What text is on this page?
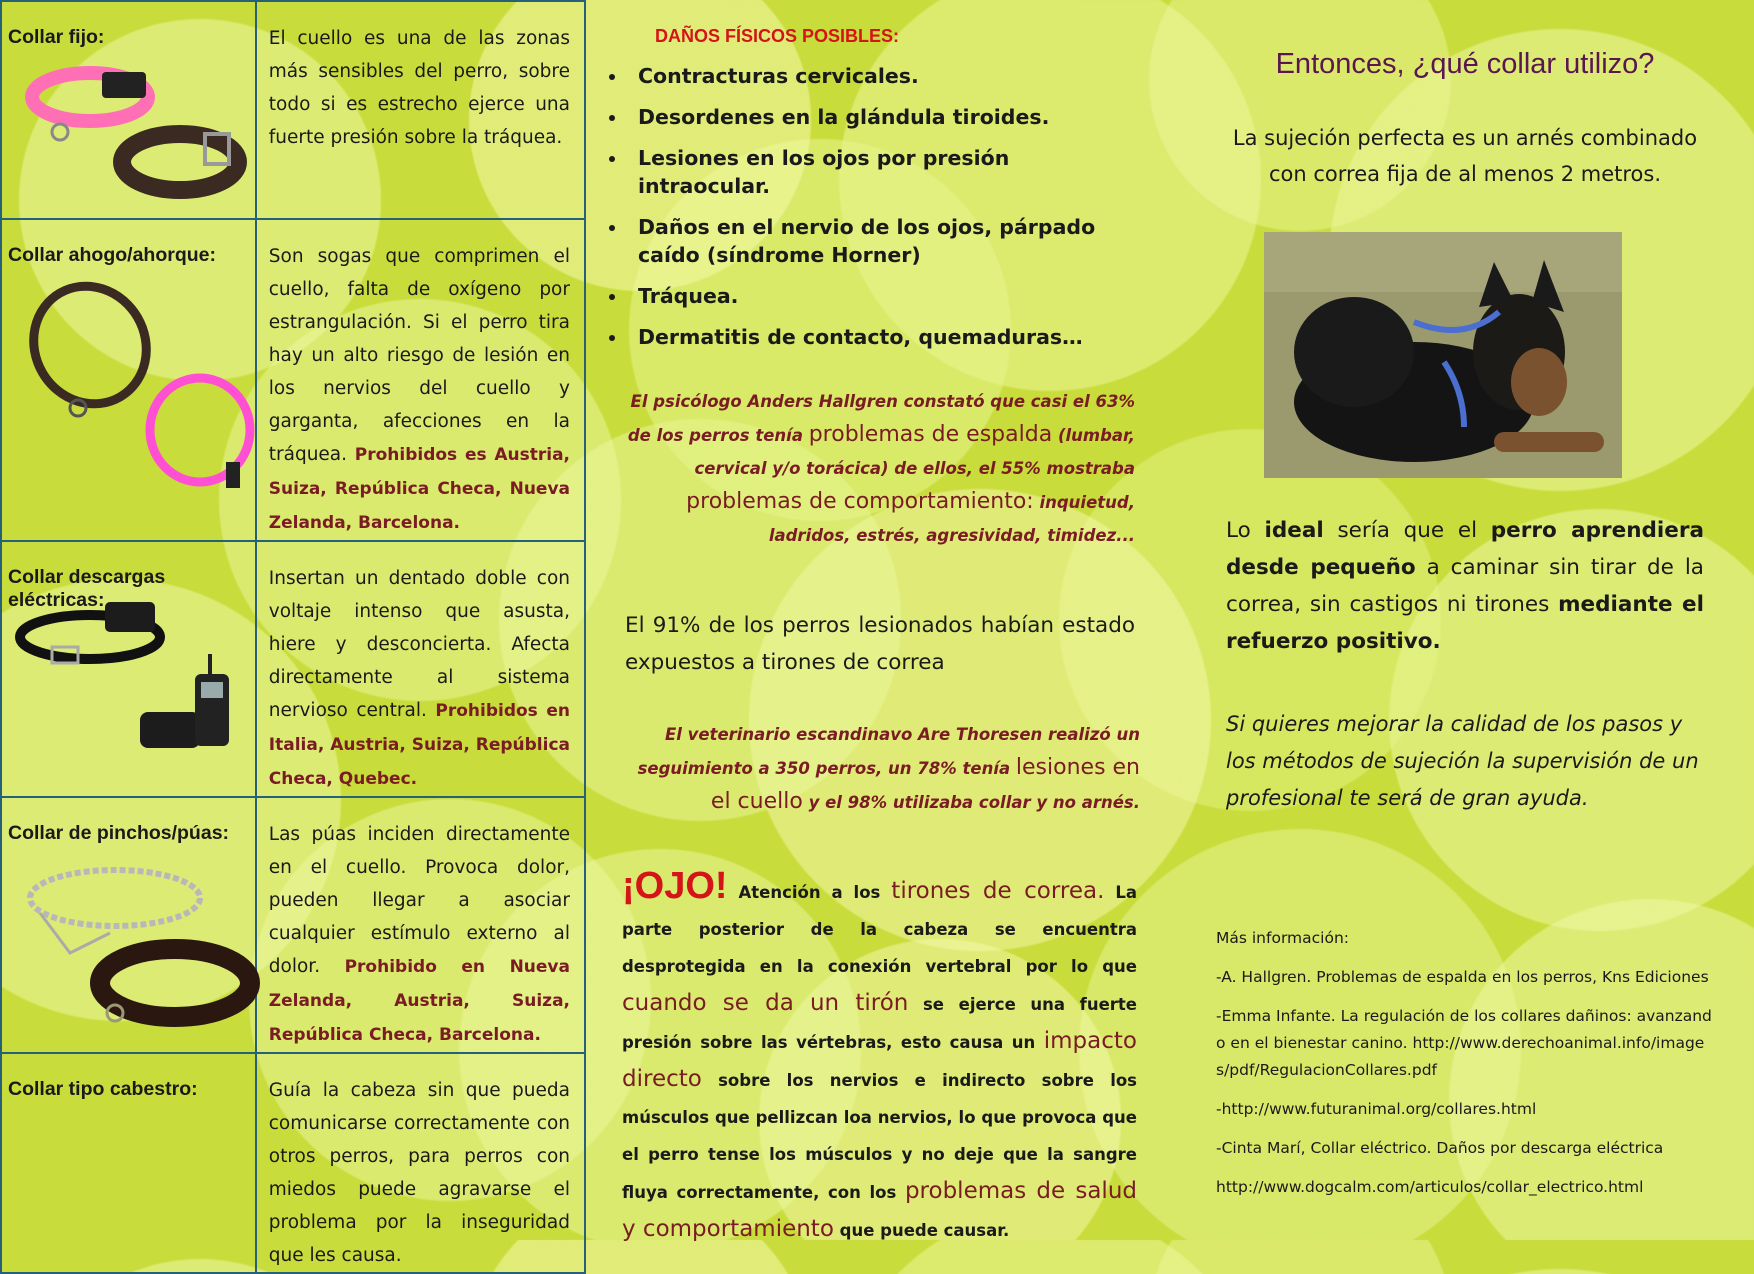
Collar fijo:	El cuello es una de las zonas más sensibles del perro, sobre todo si es estrecho ejerce una fuerte presión sobre la tráquea.

Collar ahogo/ahorque:	Son sogas que comprimen el cuello, falta de oxígeno por estrangulación. Si el perro tira hay un alto riesgo de lesión en los nervios del cuello y garganta, afecciones en la tráquea. Prohibidos es Austria, Suiza, República Checa, Nueva Zelanda, Barcelona.

Collar descargas eléctricas:	Insertan un dentado doble con voltaje intenso que asusta, hiere y desconcierta. Afecta directamente al sistema nervioso central. Prohibidos en Italia, Austria, Suiza, República Checa, Quebec.

Collar de pinchos/púas:	Las púas inciden directamente en el cuello. Provoca dolor, pueden llegar a asociar cualquier estímulo externo al dolor. Prohibido en Nueva Zelanda, Austria, Suiza, República Checa, Barcelona.

Collar tipo cabestro:	Guía la cabeza sin que pueda comunicarse correctamente con otros perros, para perros con miedos puede agravarse el problema por la inseguridad que les causa.
DAÑOS FÍSICOS POSIBLES:
• Contracturas cervicales.
• Desordenes en la glándula tiroides.
• Lesiones en los ojos por presión intraocular.
• Daños en el nervio de los ojos, párpado caído (síndrome Horner)
• Tráquea.
• Dermatitis de contacto, quemaduras…
El psicólogo Anders Hallgren constató que casi el 63% de los perros tenía problemas de espalda (lumbar, cervical y/o torácica) de ellos, el 55% mostraba problemas de comportamiento: inquietud, ladridos, estrés, agresividad, timidez...
El 91% de los perros lesionados habían estado expuestos a tirones de correa
El veterinario escandinavo Are Thoresen realizó un seguimiento a 350 perros, un 78% tenía lesiones en el cuello y el 98% utilizaba collar y no arnés.
¡OJO! Atención a los tirones de correa. La parte posterior de la cabeza se encuentra desprotegida en la conexión vertebral por lo que cuando se da un tirón se ejerce una fuerte presión sobre las vértebras, esto causa un impacto directo sobre los nervios e indirecto sobre los músculos que pellizcan loa nervios, lo que provoca que el perro tense los músculos y no deje que la sangre fluya correctamente, con los problemas de salud y comportamiento que puede causar.
Entonces, ¿qué collar utilizo?
La sujeción perfecta es un arnés combinado con correa fija de al menos 2 metros.
Lo ideal sería que el perro aprendiera desde pequeño a caminar sin tirar de la correa, sin castigos ni tirones mediante el refuerzo positivo.
Si quieres mejorar la calidad de los pasos y los métodos de sujeción la supervisión de un profesional te será de gran ayuda.

Más información:

-A. Hallgren. Problemas de espalda en los perros, Kns Ediciones

-Emma Infante. La regulación de los collares dañinos: avanzando en el bienestar canino. http://www.derechoanimal.info/images/pdf/RegulacionCollares.pdf

-http://www.futuranimal.org/collares.html

-Cinta Marí, Collar eléctrico. Daños por descarga eléctrica

http://www.dogcalm.com/articulos/collar_electrico.html
